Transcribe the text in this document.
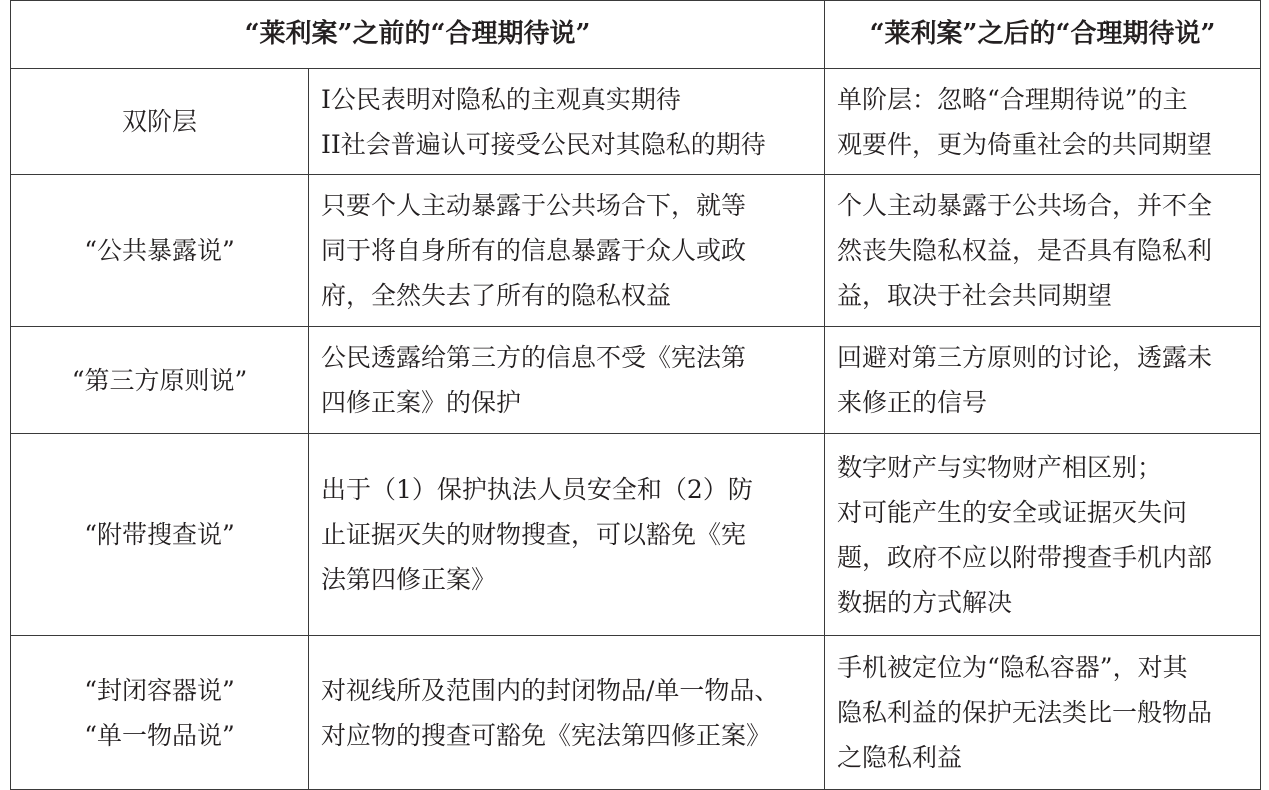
“莱利案”之前的“合理期待说”		“莱利案”之后的“合理期待说”

双阶层	I公民表明对隐私的主观真实期待
II社会普遍认可接受公民对其隐私的期待	单阶层：忽略“合理期待说”的主
观要件，更为倚重社会的共同期望

“公共暴露说”	只要个人主动暴露于公共场合下，就等
同于将自身所有的信息暴露于众人或政
府，全然失去了所有的隐私权益	个人主动暴露于公共场合，并不全
然丧失隐私权益，是否具有隐私利
益，取决于社会共同期望

“第三方原则说”	公民透露给第三方的信息不受《宪法第
四修正案》的保护	回避对第三方原则的讨论，透露未
来修正的信号

“附带搜查说”	出于（1）保护执法人员安全和（2）防
止证据灭失的财物搜查，可以豁免《宪
法第四修正案》	数字财产与实物财产相区别；
对可能产生的安全或证据灭失问
题，政府不应以附带搜查手机内部
数据的方式解决

“封闭容器说”
“单一物品说”	对视线所及范围内的封闭物品/单一物品、
对应物的搜查可豁免《宪法第四修正案》	手机被定位为“隐私容器”，对其
隐私利益的保护无法类比一般物品
之隐私利益
